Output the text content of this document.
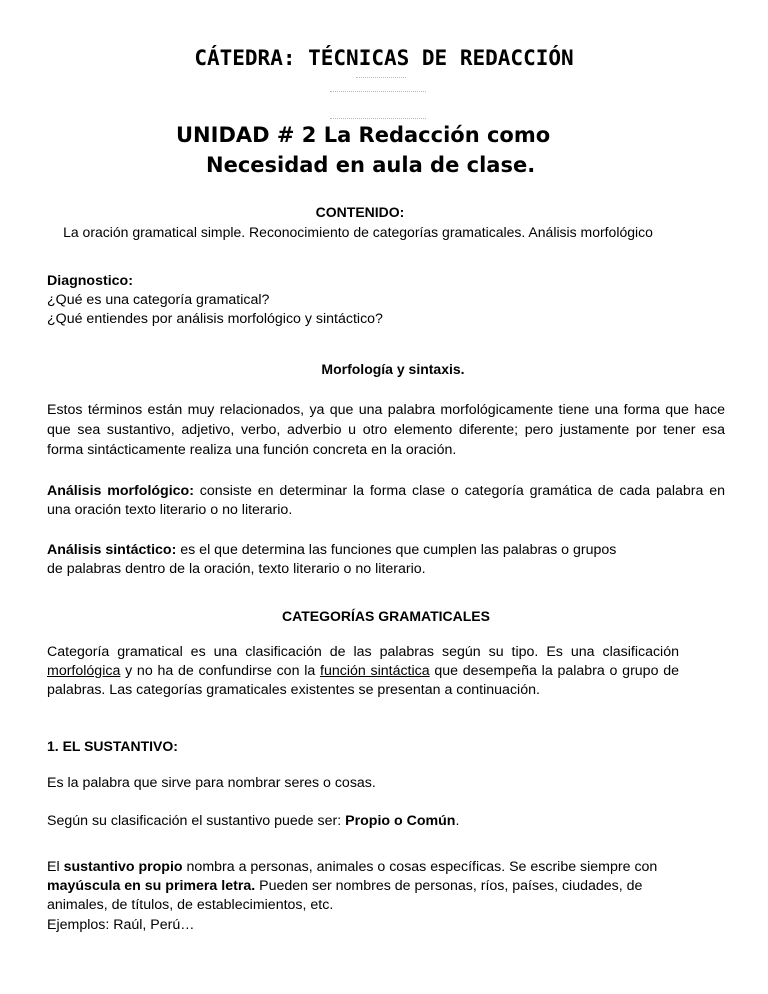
CÁTEDRA: TÉCNICAS DE REDACCIÓN
UNIDAD # 2 La Redacción como
Necesidad en aula de clase.
CONTENIDO:
La oración gramatical simple. Reconocimiento de categorías gramaticales. Análisis morfológico
Diagnostico:
¿Qué es una categoría gramatical?
¿Qué entiendes por análisis morfológico y sintáctico?
Morfología y sintaxis.
Estos términos están muy relacionados, ya que una palabra morfológicamente tiene una forma que hace que sea sustantivo, adjetivo, verbo, adverbio u otro elemento diferente; pero justamente por tener esa forma sintácticamente realiza una función concreta en la oración.
Análisis morfológico: consiste en determinar la forma clase o categoría gramática de cada palabra en una oración texto literario o no literario.
Análisis sintáctico: es el que determina las funciones que cumplen las palabras o grupos
de palabras dentro de la oración, texto literario o no literario.
CATEGORÍAS GRAMATICALES
Categoría gramatical es una clasificación de las palabras según su tipo. Es una clasificación morfológica y no ha de confundirse con la función sintáctica que desempeña la palabra o grupo de palabras. Las categorías gramaticales existentes se presentan a continuación.
1. EL SUSTANTIVO:
Es la palabra que sirve para nombrar seres o cosas.
Según su clasificación el sustantivo puede ser: Propio o Común.
El sustantivo propio nombra a personas, animales o cosas específicas. Se escribe siempre con mayúscula en su primera letra. Pueden ser nombres de personas, ríos, países, ciudades, de animales, de títulos, de establecimientos, etc.
Ejemplos: Raúl, Perú…
